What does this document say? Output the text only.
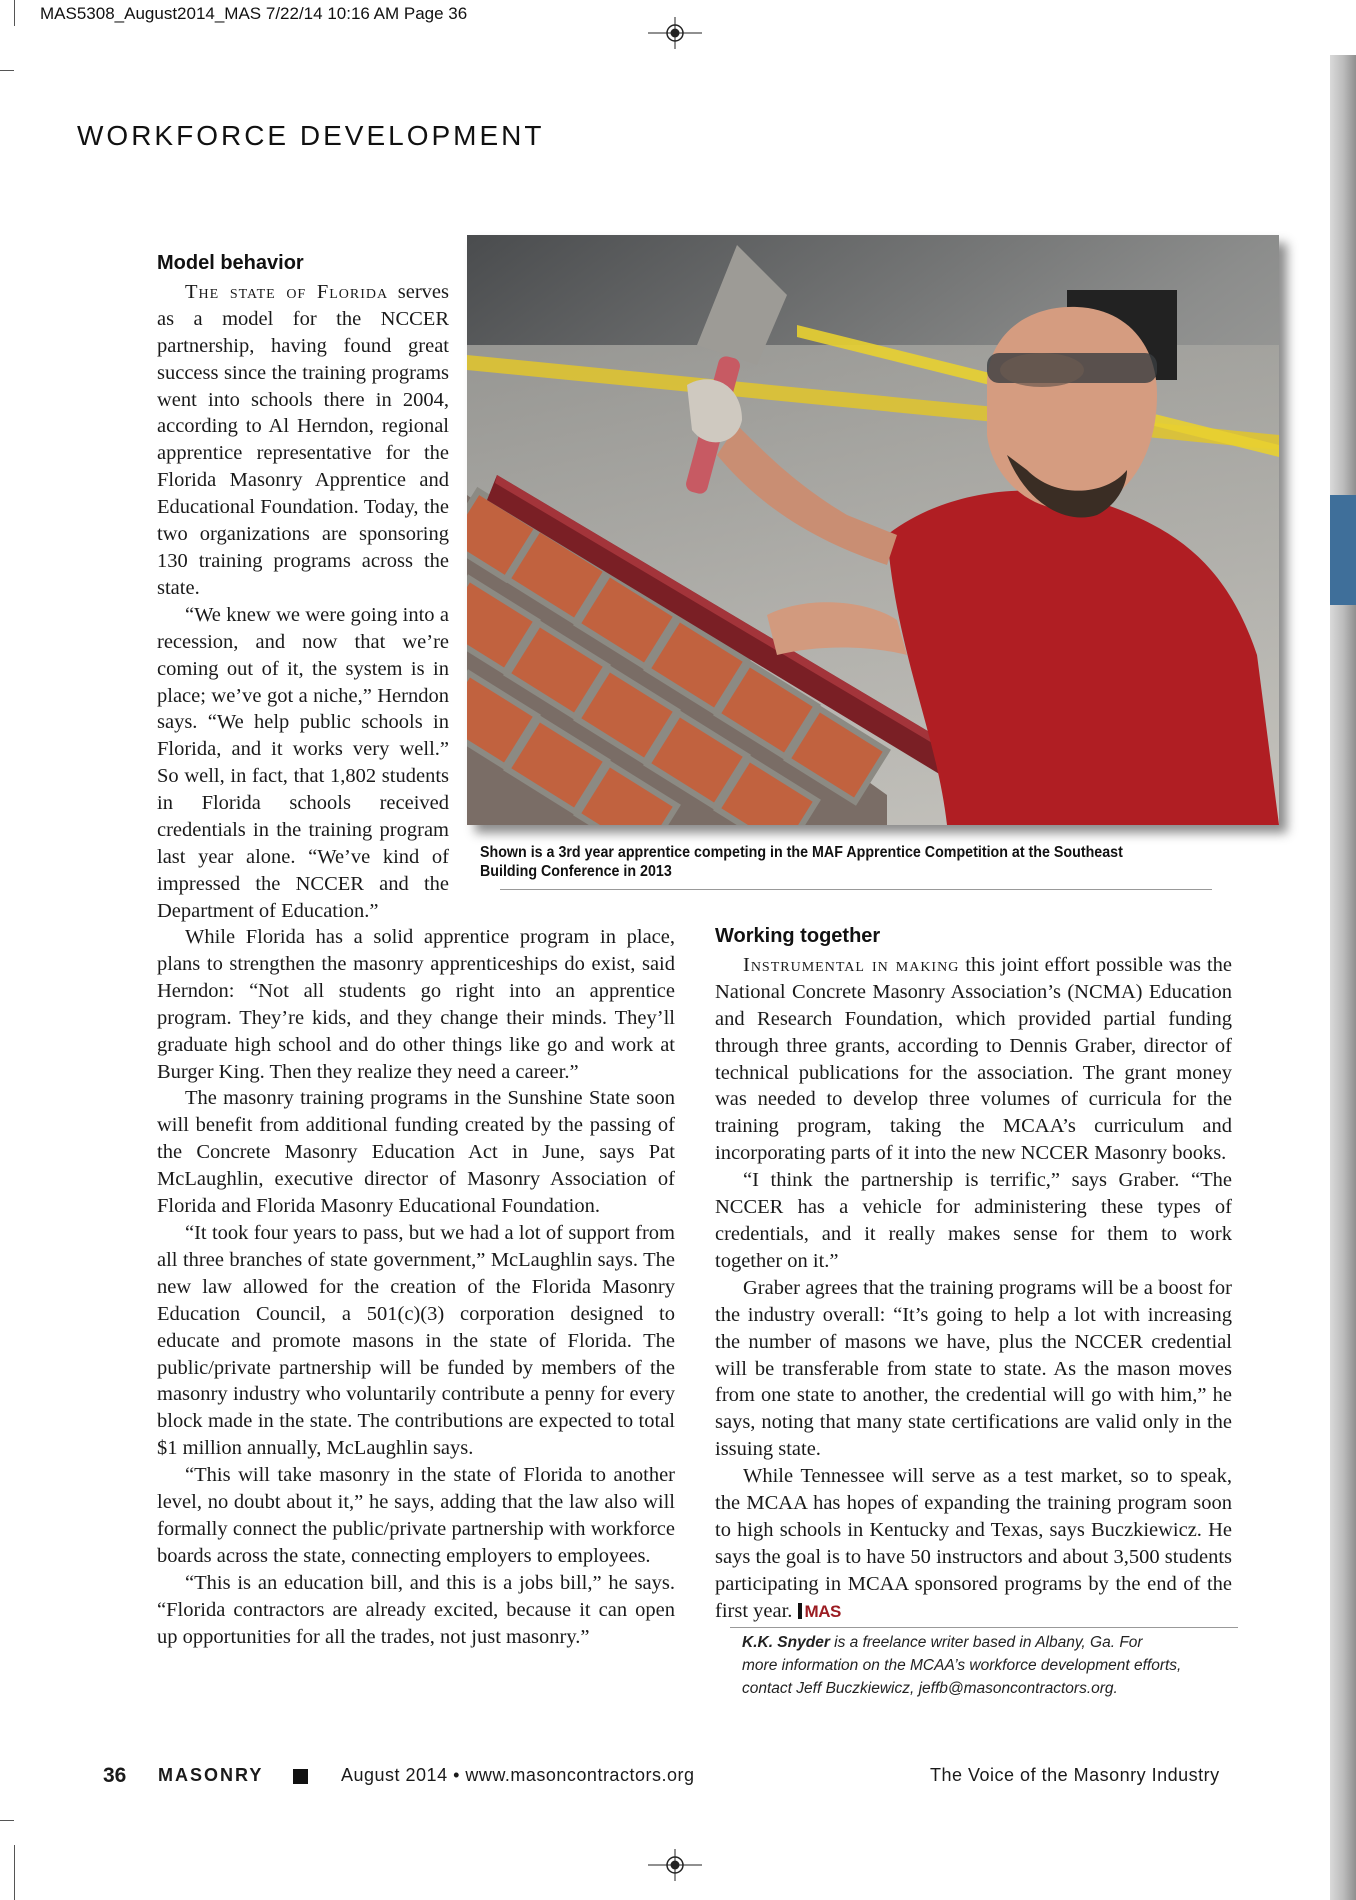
MAS5308_August2014_MAS 7/22/14 10:16 AM Page 36
WORKFORCE DEVELOPMENT
Model behavior

The state of Florida serves as a model for the NCCER partnership, having found great success since the training programs went into schools there in 2004, according to Al Herndon, regional apprentice representative for the Florida Masonry Apprentice and Educational Foundation. Today, the two organizations are sponsoring 130 training programs across the state.

“We knew we were going into a recession, and now that we’re coming out of it, the system is in place; we’ve got a niche,” Herndon says. “We help public schools in Florida, and it works very well.” So well, in fact, that 1,802 students in Florida schools received credentials in the training program last year alone. “We’ve kind of impressed the NCCER and the Department of Education.”

Shown is a 3rd year apprentice competing in the MAF Apprentice Competition at the Southeast Building Conference in 2013

While Florida has a solid apprentice program in place, plans to strengthen the masonry apprenticeships do exist, said Herndon: “Not all students go right into an apprentice program. They’re kids, and they change their minds. They’ll graduate high school and do other things like go and work at Burger King. Then they realize they need a career.”

The masonry training programs in the Sunshine State soon will benefit from additional funding created by the passing of the Concrete Masonry Education Act in June, says Pat McLaughlin, executive director of Masonry Association of Florida and Florida Masonry Educational Foundation.

“It took four years to pass, but we had a lot of support from all three branches of state government,” McLaughlin says. The new law allowed for the creation of the Florida Masonry Education Council, a 501(c)(3) corporation designed to educate and promote masons in the state of Florida. The public/private partnership will be funded by members of the masonry industry who voluntarily contribute a penny for every block made in the state. The contributions are expected to total $1 million annually, McLaughlin says.

“This will take masonry in the state of Florida to another level, no doubt about it,” he says, adding that the law also will formally connect the public/private partnership with workforce boards across the state, connecting employers to employees.

“This is an education bill, and this is a jobs bill,” he says. “Florida contractors are already excited, because it can open up opportunities for all the trades, not just masonry.”

Working together

Instrumental in making this joint effort possible was the National Concrete Masonry Association’s (NCMA) Education and Research Foundation, which provided partial funding through three grants, according to Dennis Graber, director of technical publications for the association. The grant money was needed to develop three volumes of curricula for the training program, taking the MCAA’s curriculum and incorporating parts of it into the new NCCER Masonry books.

“I think the partnership is terrific,” says Graber. “The NCCER has a vehicle for administering these types of credentials, and it really makes sense for them to work together on it.”

Graber agrees that the training programs will be a boost for the industry overall: “It’s going to help a lot with increasing the number of masons we have, plus the NCCER credential will be transferable from state to state. As the mason moves from one state to another, the credential will go with him,” he says, noting that many state certifications are valid only in the issuing state.

While Tennessee will serve as a test market, so to speak, the MCAA has hopes of expanding the training program soon to high schools in Kentucky and Texas, says Buczkiewicz. He says the goal is to have 50 instructors and about 3,500 students participating in MCAA sponsored programs by the end of the first year. MAS

K.K. Snyder is a freelance writer based in Albany, Ga. For more information on the MCAA’s workforce development efforts, contact Jeff Buczkiewicz, jeffb@masoncontractors.org.
36 MASONRY	August 2014 • www.masoncontractors.org	The Voice of the Masonry Industry
